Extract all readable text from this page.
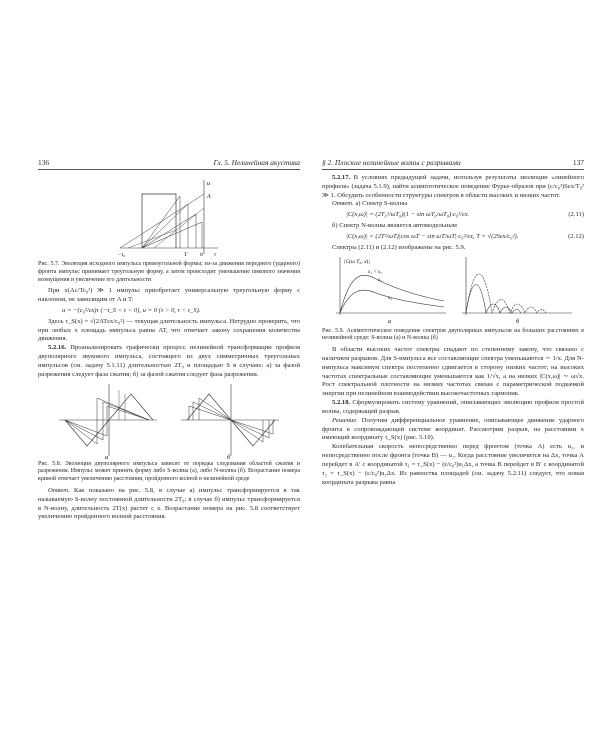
136	Гл. 5. Нелинейная акустика
u
A
−τ₀	0 τ
T

Рис. 5.7. Эволюция исходного импульса прямоугольной формы; из-за движения переднего (ударного) фронта импульс принимает треугольную форму, а затем происходит уменьшение пикового значения возмущения и увеличение его длительности

При x(Ac/Tc₀²) ≫ 1 импульс приобретает универсальную треугольную форму с наклоном, не зависящим от A и T:

u = −(c₀²/εx)τ (−τ_S < τ < 0), u = 0 (τ > 0, τ < τ_S).

Здесь τ_S(x) = √(2ATεx/c₀²) — текущая длительность импульса. Нетрудно проверить, что при любых x площадь импульса равна AT, что отвечает закону сохранения количества движения.

5.2.16. Проанализировать графически процесс нелинейной трансформации профиля двуполярного звукового импульса, состоящего из двух симметричных треугольных импульсов (см. задачу 5.1.11) длительностью 2T₀ и площадью S в случаях: а) за фазой разрежения следует фаза сжатия; б) за фазой сжатия следует фаза разрежения.

а	б

Рис. 5.8. Эволюция двуполярного импульса зависит от порядка следования областей сжатия и разрежения. Импульс может принять форму либо S-волны (а), либо N-волны (б). Возрастание номера кривой отвечает увеличению расстояния, пройденного волной в нелинейной среде

Ответ. Как показано на рис. 5.8, в случае а) импульс трансформируется в так называемую S-волну постоянной длительности 2T₀; в случае б) импульс трансформируется в N-волну, длительность 2T(x) растет с x. Возрастание номера на рис. 5.8 соответствует увеличению пройденного волной расстояния.

§ 2. Плоские нелинейные волны с разрывами	137

5.2.17. В условиях предыдущей задачи, используя результаты эволюции «линейного профиля» (задача 5.1.9), найти асимптотическое поведение Фурье-образов при (c/c₀²)Sεx/T₀² ≫ 1. Обсудить особенности структуры спектров в области высоких и низких частот.

Ответ. а) Спектр S-волны

|C(x,ω)| = (2T₀²/ωT₀)(1 − sin ωT₀/ωT₀)·c₀²/εx.	(2.11)

б) Спектр N-волны является автомодельным

|C(x,ω)| = (2T²/ωT)|cos ωT − sin ωT/ωT|·c₀²/εx, T = √(2Sεx/c₀²).	(2.12)

Спектры (2.11) и (2.12) изображены на рис. 5.9.

|C(ω T₀, x)|
x₁ < x₂
x₁
x₂
а	б

Рис. 5.9. Асимптотическое поведение спектров двуполярных импульсов на больших расстояниях в нелинейной среде: S-волны (а) и N-волны (б)

В области высоких частот спектры спадают по степенному закону, что связано с наличием разрывов. Для S-импульса все составляющие спектра уменьшаются ∼ 1/x. Для N-импульса максимум спектра постепенно сдвигается в сторону низких частот; на высоких частотах спектральные составляющие уменьшаются как 1/√x, а на низких |C(x,ω)| ∼ ω√x. Рост спектральной плотности на низких частотах связан с параметрической подкачкой энергии при нелинейном взаимодействии высокочастотных гармоник.

5.2.18. Сформулировать систему уравнений, описывающих эволюцию профиля простой волны, содержащей разрыв.

Решение. Получим дифференциальное уравнение, описывающее движение ударного фронта в сопровождающей системе координат. Рассмотрим разрыв, на расстоянии x имеющий координату τ_S(x) (рис. 5.10).

Колебательная скорость непосредственно перед фронтом (точка A) есть u₁, и непосредственно после фронта (точка B) — u₂. Когда расстояние увеличится на Δx, точка A перейдет в A′ с координатой τ₁ = τ_S(x) − (ε/c₀²)u₁Δx, а точка B перейдет в B′ с координатой τ₂ = τ_S(x) − (ε/c₀²)u₂Δx. Из равенства площадей (см. задачу 5.2.11) следует, что новая координата разрыва равна
